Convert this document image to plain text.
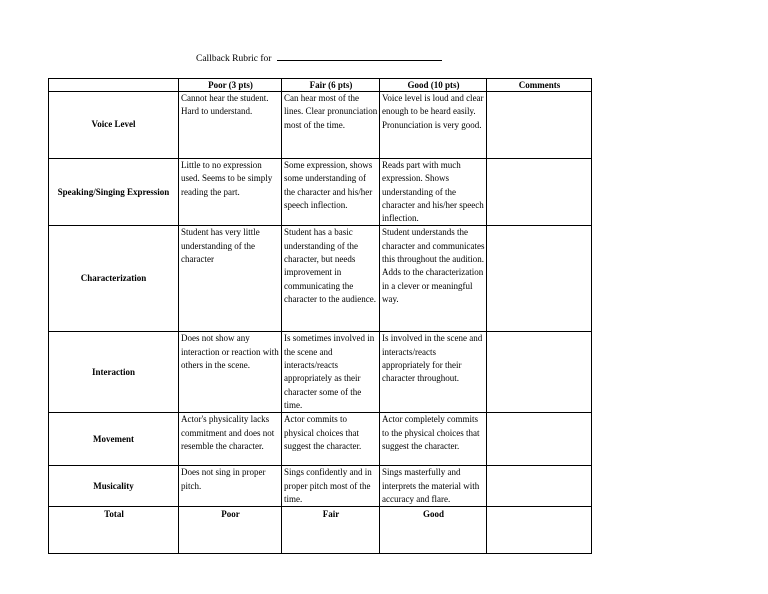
Callback Rubric for
	Poor (3 pts)	Fair (6 pts)	Good (10 pts)	Comments
Voice Level	Cannot hear the student. Hard to understand.	Can hear most of the lines. Clear pronunciation most of the time.	Voice level is loud and clear enough to be heard easily. Pronunciation is very good.	
Speaking/Singing Expression	Little to no expression used. Seems to be simply reading the part.	Some expression, shows some understanding of the character and his/her speech inflection.	Reads part with much expression. Shows understanding of the character and his/her speech inflection.	
Characterization	Student has very little understanding of the character	Student has a basic understanding of the character, but needs improvement in communicating the character to the audience.	Student understands the character and communicates this throughout the audition. Adds to the characterization in a clever or meaningful way.	
Interaction	Does not show any interaction or reaction with others in the scene.	Is sometimes involved in the scene and interacts/reacts appropriately as their character some of the time.	Is involved in the scene and interacts/reacts appropriately for their character throughout.	
Movement	Actor's physicality lacks commitment and does not resemble the character.	Actor commits to physical choices that suggest the character.	Actor completely commits to the physical choices that suggest the character.	
Musicality	Does not sing in proper pitch.	Sings confidently and in proper pitch most of the time.	Sings masterfully and interprets the material with accuracy and flare.	
Total	Poor	Fair	Good	
